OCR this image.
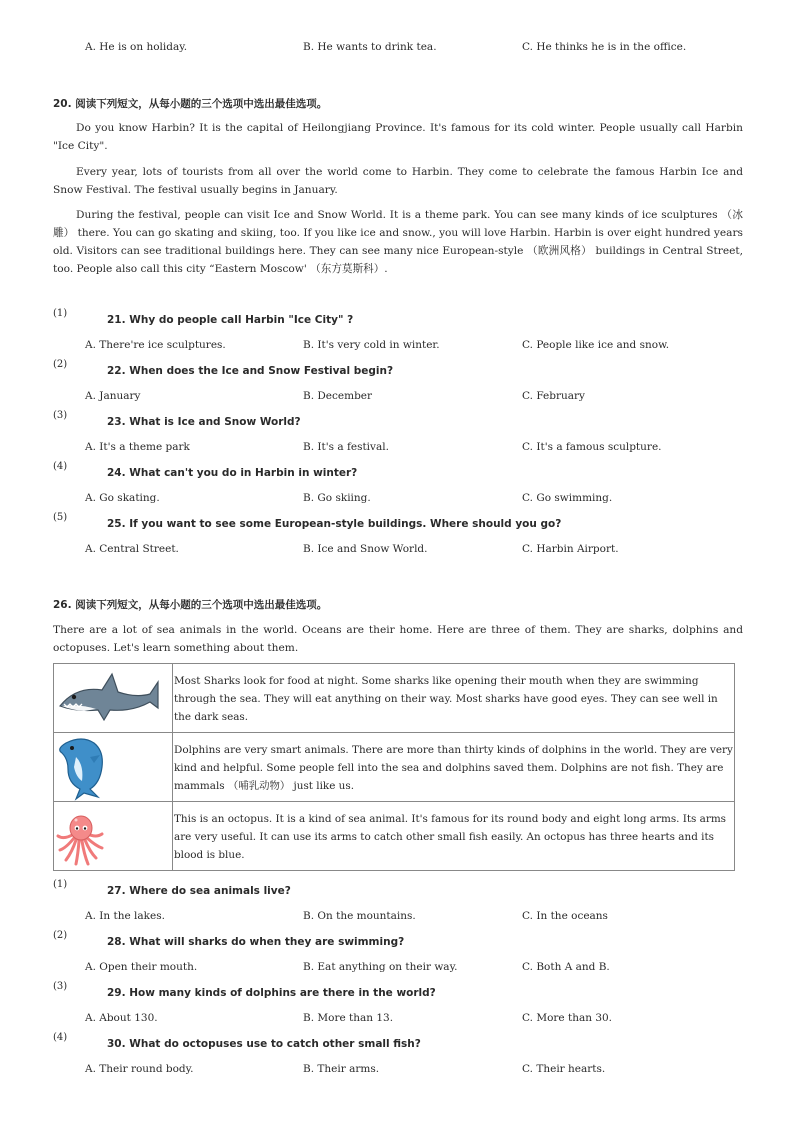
A. He is on holiday.	B. He wants to drink tea.	C. He thinks he is in the office.
20. 阅读下列短文，从每小题的三个选项中选出最佳选项。

Do you know Harbin? It is the capital of Heilongjiang Province. It's famous for its cold winter. People usually call Harbin "Ice City".

Every year, lots of tourists from all over the world come to Harbin. They come to celebrate the famous Harbin Ice and Snow Festival. The festival usually begins in January.

During the festival, people can visit Ice and Snow World. It is a theme park. You can see many kinds of ice sculptures （冰雕） there. You can go skating and skiing, too. If you like ice and snow., you will love Harbin. Harbin is over eight hundred years old. Visitors can see traditional buildings here. They can see many nice European-style （欧洲风格） buildings in Central Street, too. People also call this city “Eastern Moscow' （东方莫斯科）.

(1)
21. Why do people call Harbin "Ice City" ?
A. There're ice sculptures.	B. It's very cold in winter.	C. People like ice and snow.
(2)
22. When does the Ice and Snow Festival begin?
A. January	B. December	C. February
(3)
23. What is Ice and Snow World?
A. It's a theme park	B. It's a festival.	C. It's a famous sculpture.
(4)
24. What can't you do in Harbin in winter?
A. Go skating.	B. Go skiing.	C. Go swimming.
(5)
25. If you want to see some European-style buildings. Where should you go?
A. Central Street.	B. Ice and Snow World.	C. Harbin Airport.
26. 阅读下列短文，从每小题的三个选项中选出最佳选项。

There are a lot of sea animals in the world. Oceans are their home. Here are three of them. They are sharks, dolphins and octopuses. Let's learn something about them.

	Most Sharks look for food at night. Some sharks like opening their mouth when they are swimming through the sea. They will eat anything on their way. Most sharks have good eyes. They can see well in the dark seas.

	Dolphins are very smart animals. There are more than thirty kinds of dolphins in the world. They are very kind and helpful. Some people fell into the sea and dolphins saved them. Dolphins are not fish. They are mammals （哺乳动物） just like us.

	This is an octopus. It is a kind of sea animal. It's famous for its round body and eight long arms. Its arms are very useful. It can use its arms to catch other small fish easily. An octopus has three hearts and its blood is blue.
(1)
27. Where do sea animals live?
A. In the lakes.	B. On the mountains.	C. In the oceans
(2)
28. What will sharks do when they are swimming?
A. Open their mouth.	B. Eat anything on their way.	C. Both A and B.
(3)
29. How many kinds of dolphins are there in the world?
A. About 130.	B. More than 13.	C. More than 30.
(4)
30. What do octopuses use to catch other small fish?
A. Their round body.	B. Their arms.	C. Their hearts.
